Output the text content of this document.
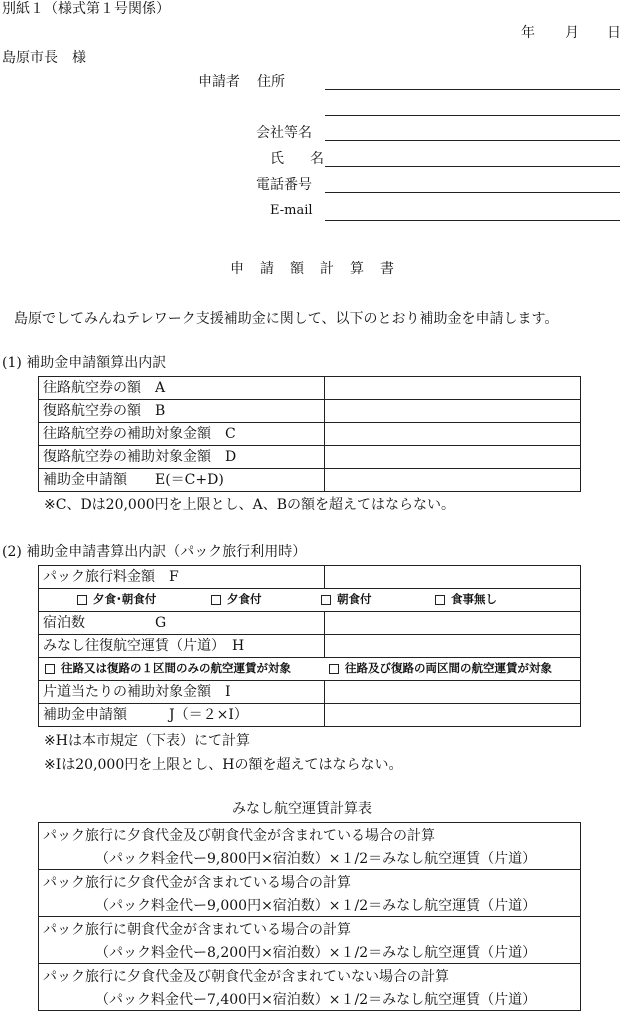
別紙１（様式第１号関係）
年 月 日
島原市長　様
申請者 住所
会社等名
氏名
電話番号
E-mail
申請額計算書
島原でしてみんねテレワーク支援補助金に関して、以下のとおり補助金を申請します。
(1) 補助金申請額算出内訳
往路航空券の額　A	
復路航空券の額　B	
往路航空券の補助対象金額　C	
復路航空券の補助対象金額　D	
補助金申請額　　E(＝C+D)	
※C、Dは20,000円を上限とし、A、Bの額を超えてはならない。
(2) 補助金申請書算出内訳（パック旅行利用時）
パック旅行料金額　F	

夕食･朝食付 夕食付 朝食付 食事無し	

宿泊数　　　　　G	
みなし往復航空運賃（片道）　H	

往路又は復路の１区間のみの航空運賃が対象 往路及び復路の両区間の航空運賃が対象	

片道当たりの補助対象金額　I	
補助金申請額　　　J（＝２×I）	
※Hは本市規定（下表）にて計算
※Iは20,000円を上限とし、Hの額を超えてはならない。
みなし航空運賃計算表
パック旅行に夕食代金及び朝食代金が含まれている場合の計算
（パック料金代ー9,800円×宿泊数）×１/2＝みなし航空運賃（片道）

パック旅行に夕食代金が含まれている場合の計算
（パック料金代ー9,000円×宿泊数）×１/2＝みなし航空運賃（片道）

パック旅行に朝食代金が含まれている場合の計算
（パック料金代ー8,200円×宿泊数）×１/2＝みなし航空運賃（片道）

パック旅行に夕食代金及び朝食代金が含まれていない場合の計算
（パック料金代ー7,400円×宿泊数）×１/2＝みなし航空運賃（片道）
